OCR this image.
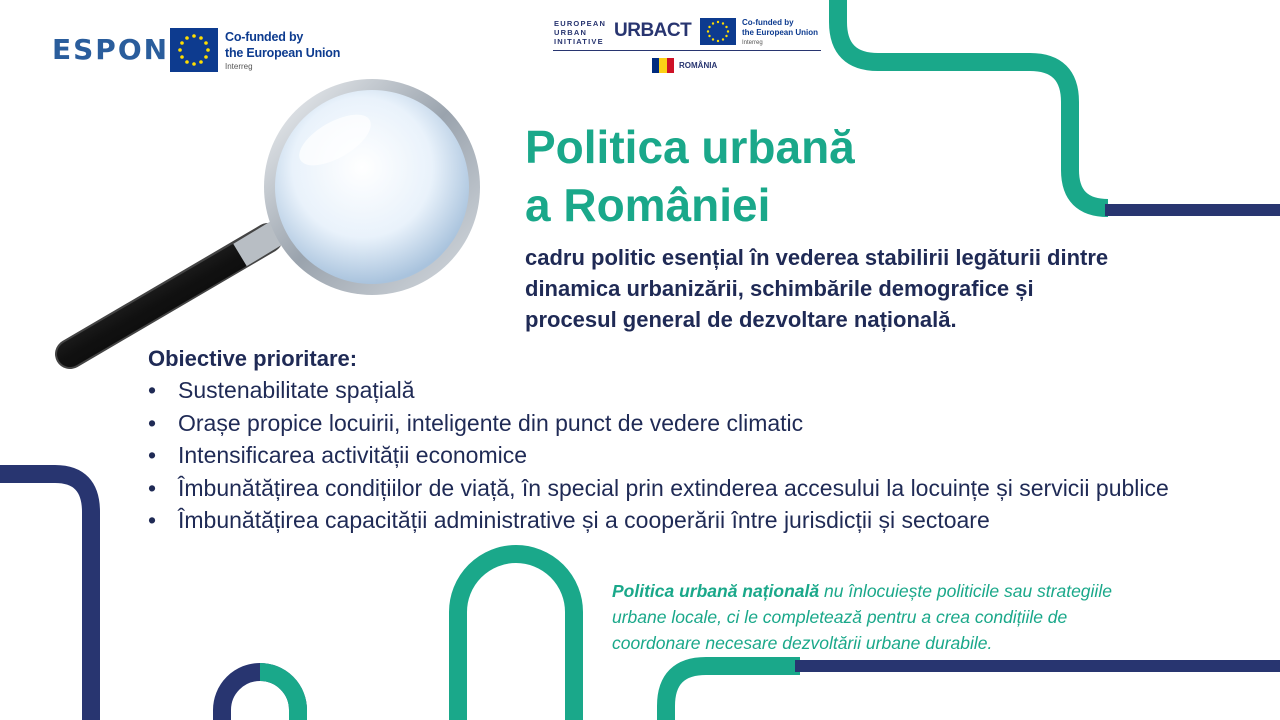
ESPON	Co-funded by
the European Union
Interreg
EUROPEAN
URBAN
INITIATIVE
URBACT	Co-funded by
the European Union
Interreg
ROMÂNIA
Politica urbană
a României
cadru politic esențial în vederea stabilirii legăturii dintre
dinamica urbanizării, schimbările demografice și
procesul general de dezvoltare națională.
Obiective prioritare:
• Sustenabilitate spațială
• Orașe propice locuirii, inteligente din punct de vedere climatic
• Intensificarea activității economice
• Îmbunătățirea condițiilor de viață, în special prin extinderea accesului la locuințe și servicii publice
• Îmbunătățirea capacității administrative și a cooperării între jurisdicții și sectoare
Politica urbană națională nu înlocuiește politicile sau strategiile
urbane locale, ci le completează pentru a crea condițiile de
coordonare necesare dezvoltării urbane durabile.
